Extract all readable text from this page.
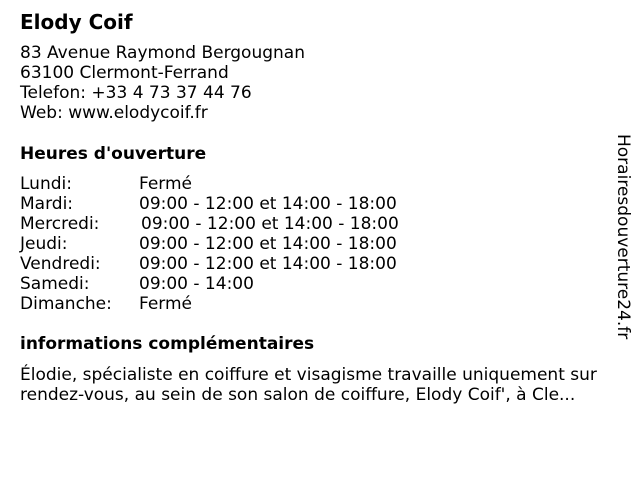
Elody Coif
83 Avenue Raymond Bergougnan
63100 Clermont-Ferrand
Telefon: +33 4 73 37 44 76
Web: www.elodycoif.fr
Heures d'ouverture
Lundi:	Fermé
Mardi:	09:00 - 12:00 et 14:00 - 18:00
Mercredi: 09:00 - 12:00 et 14:00 - 18:00
Jeudi:	09:00 - 12:00 et 14:00 - 18:00
Vendredi: 09:00 - 12:00 et 14:00 - 18:00
Samedi:	09:00 - 14:00
Dimanche: Fermé
informations complémentaires
Élodie, spécialiste en coiffure et visagisme travaille uniquement sur
rendez-vous, au sein de son salon de coiffure, Elody Coif', à Cle...
Horairesdouverture24.fr
